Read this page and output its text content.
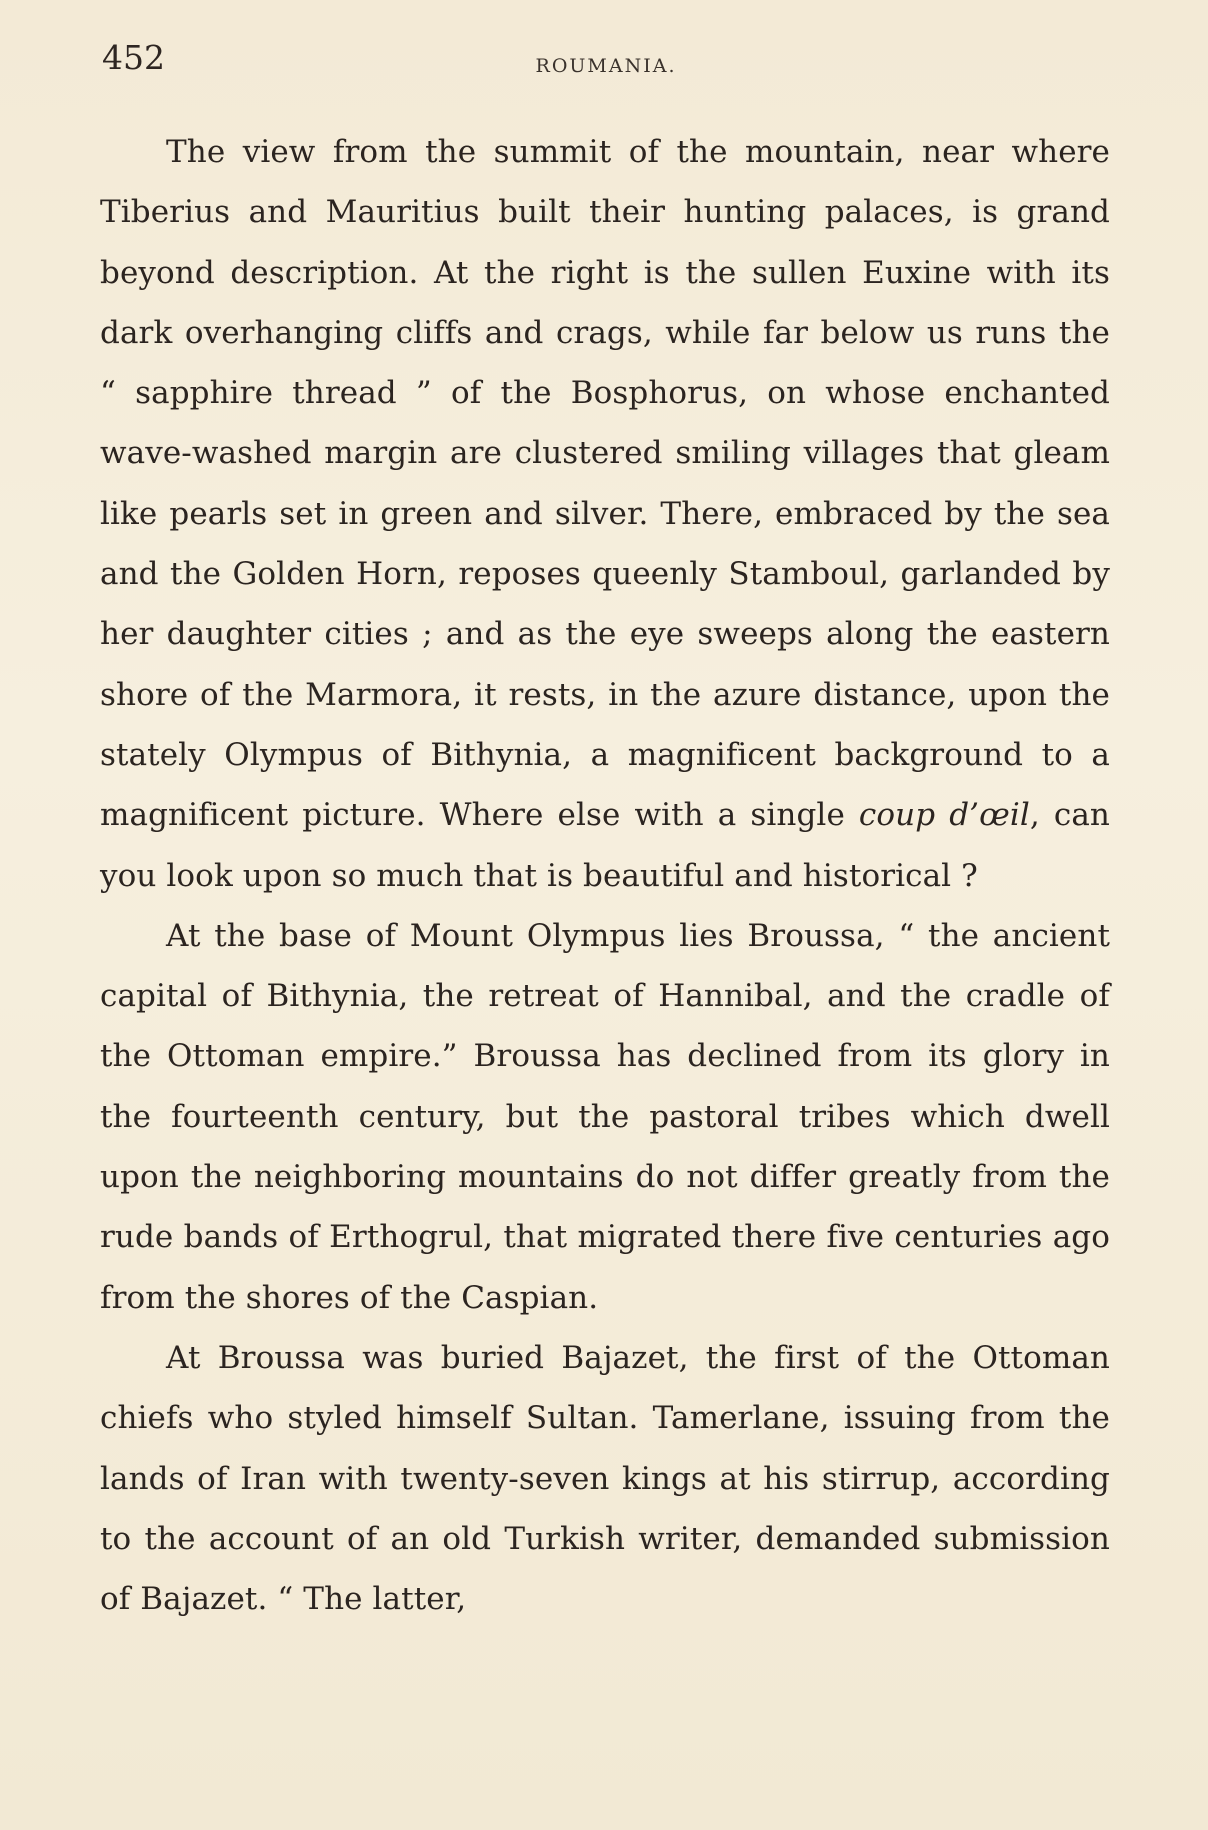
452	ROUMANIA.

The view from the summit of the mountain, near where Tiberius and Mauritius built their hunting palaces, is grand beyond description. At the right is the sullen Euxine with its dark overhanging cliffs and crags, while far below us runs the “ sapphire thread ” of the Bosphorus, on whose enchanted wave-washed margin are clustered smiling villages that gleam like pearls set in green and silver. There, embraced by the sea and the Golden Horn, reposes queenly Stamboul, garlanded by her daughter cities ; and as the eye sweeps along the eastern shore of the Marmora, it rests, in the azure distance, upon the stately Olympus of Bithynia, a magnificent background to a magnificent picture. Where else with a single coup d’œil, can you look upon so much that is beautiful and historical ?

At the base of Mount Olympus lies Broussa, “ the ancient capital of Bithynia, the retreat of Hannibal, and the cradle of the Ottoman empire.” Broussa has declined from its glory in the fourteenth century, but the pastoral tribes which dwell upon the neighboring mountains do not differ greatly from the rude bands of Erthogrul, that migrated there five centuries ago from the shores of the Caspian.

At Broussa was buried Bajazet, the first of the Ottoman chiefs who styled himself Sultan. Tamerlane, issuing from the lands of Iran with twenty-seven kings at his stirrup, according to the account of an old Turkish writer, demanded submission of Bajazet. “ The latter,
